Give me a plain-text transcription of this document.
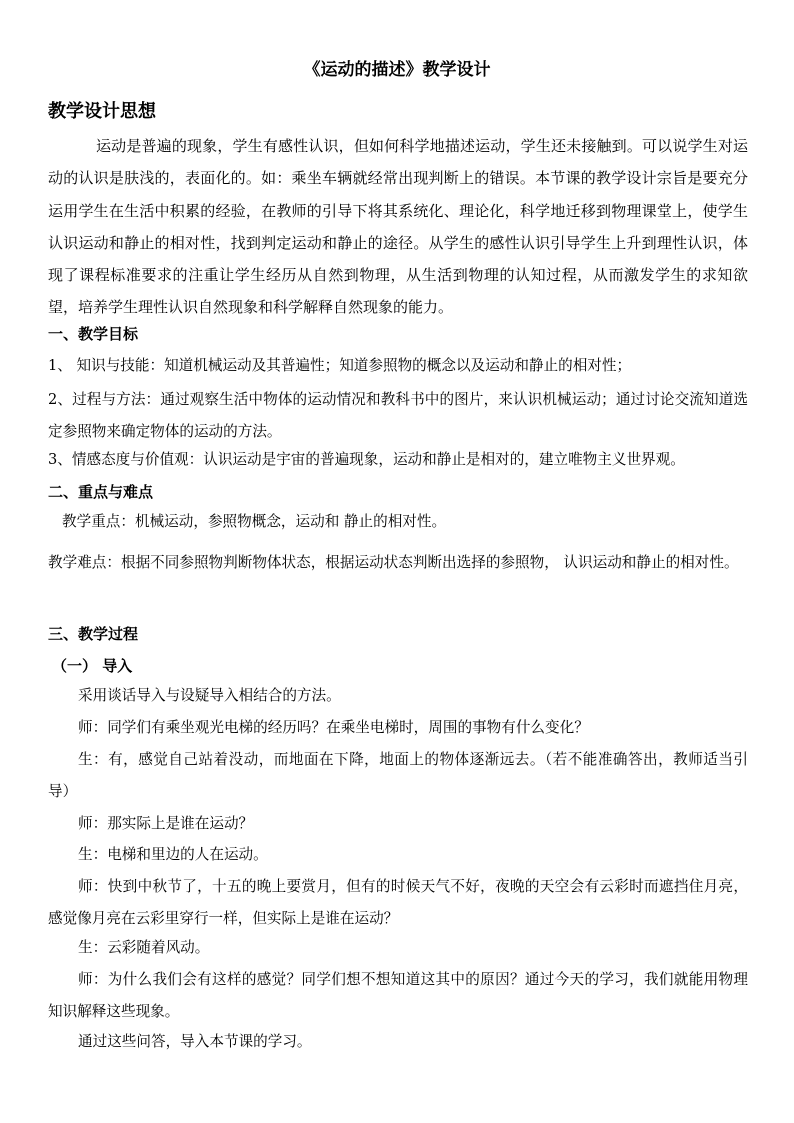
《运动的描述》教学设计
教学设计思想
运动是普遍的现象，学生有感性认识，但如何科学地描述运动，学生还未接触到。可以说学生对运动的认识是肤浅的，表面化的。如：乘坐车辆就经常出现判断上的错误。本节课的教学设计宗旨是要充分运用学生在生活中积累的经验，在教师的引导下将其系统化、理论化，科学地迁移到物理课堂上，使学生认识运动和静止的相对性，找到判定运动和静止的途径。从学生的感性认识引导学生上升到理性认识，体现了课程标准要求的注重让学生经历从自然到物理，从生活到物理的认知过程，从而激发学生的求知欲望，培养学生理性认识自然现象和科学解释自然现象的能力。
一、教学目标
1、 知识与技能：知道机械运动及其普遍性；知道参照物的概念以及运动和静止的相对性；
2、过程与方法：通过观察生活中物体的运动情况和教科书中的图片，来认识机械运动；通过讨论交流知道选定参照物来确定物体的运动的方法。
3、情感态度与价值观：认识运动是宇宙的普遍现象，运动和静止是相对的，建立唯物主义世界观。
二、重点与难点
教学重点：机械运动，参照物概念，运动和 静止的相对性。
教学难点：根据不同参照物判断物体状态，根据运动状态判断出选择的参照物， 认识运动和静止的相对性。
三、教学过程
（一） 导入
采用谈话导入与设疑导入相结合的方法。
师：同学们有乘坐观光电梯的经历吗？在乘坐电梯时，周围的事物有什么变化？
生：有，感觉自己站着没动，而地面在下降，地面上的物体逐渐远去。（若不能准确答出，教师适当引导）
师：那实际上是谁在运动？
生：电梯和里边的人在运动。
师：快到中秋节了，十五的晚上要赏月，但有的时候天气不好，夜晚的天空会有云彩时而遮挡住月亮，感觉像月亮在云彩里穿行一样，但实际上是谁在运动？
生：云彩随着风动。
师：为什么我们会有这样的感觉？同学们想不想知道这其中的原因？通过今天的学习，我们就能用物理知识解释这些现象。
通过这些问答，导入本节课的学习。
